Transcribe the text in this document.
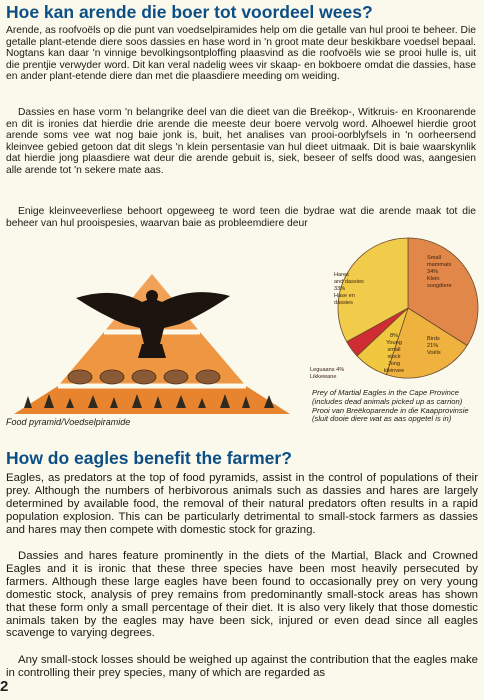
Hoe kan arende die boer tot voordeel wees?

Arende, as roofvoëls op die punt van voedselpiramides help om die getalle van hul prooi te beheer. Die getalle plant-etende diere soos dassies en hase word in 'n groot mate deur beskikbare voedsel bepaal. Nogtans kan daar 'n vinnige bevolkingsontploffing plaasvind as die roofvoëls wie se prooi hulle is, uit die prentjie verwyder word. Dit kan veral nadelig wees vir skaap- en bokboere omdat die dassies, hase en ander plant-etende diere dan met die plaasdiere meeding om weiding.

Dassies en hase vorm 'n belangrike deel van die dieet van die Breëkop-, Witkruis- en Kroonarende en dit is ironies dat hierdie drie arende die meeste deur boere vervolg word. Alhoewel hierdie groot arende soms vee wat nog baie jonk is, buit, het analises van prooi-oorblyfsels in 'n oorheersend kleinvee gebied getoon dat dit slegs 'n klein persentasie van hul dieet uitmaak. Dit is baie waarskynlik dat hierdie jong plaasdiere wat deur die arende gebuit is, siek, beseer of selfs dood was, aangesien alle arende tot 'n sekere mate aas.

Enige kleinveeverliese behoort opgeweeg te word teen die bydrae wat die arende maak tot die beheer van hul prooispesies, waarvan baie as probleemdiere deur

Food pyramid/Voedselpiramide
Small mammals 34% Klein soogdiere
Birds 21% Voëls
8% Young small stock Jong kleinvee
Leguaans 4% Likkewane
Hares and dassies 33% Hase en dassies
Prey of Martial Eagles in the Cape Province (includes dead animals picked up as carrion)
Prooi van Breëkoparende in die Kaapprovinsie (sluit dooie diere wat as aas opgetel is in)
How do eagles benefit the farmer?

Eagles, as predators at the top of food pyramids, assist in the control of populations of their prey. Although the numbers of herbivorous animals such as dassies and hares are largely determined by available food, the removal of their natural predators often results in a rapid population explosion. This can be particularly detrimental to small-stock farmers as dassies and hares may then compete with domestic stock for grazing.

Dassies and hares feature prominently in the diets of the Martial, Black and Crowned Eagles and it is ironic that these three species have been most heavily persecuted by farmers. Although these large eagles have been found to occasionally prey on very young domestic stock, analysis of prey remains from predominantly small-stock areas has shown that these form only a small percentage of their diet. It is also very likely that those domestic animals taken by the eagles may have been sick, injured or even dead since all eagles scavenge to varying degrees.

Any small-stock losses should be weighed up against the contribution that the eagles make in controlling their prey species, many of which are regarded as

2
